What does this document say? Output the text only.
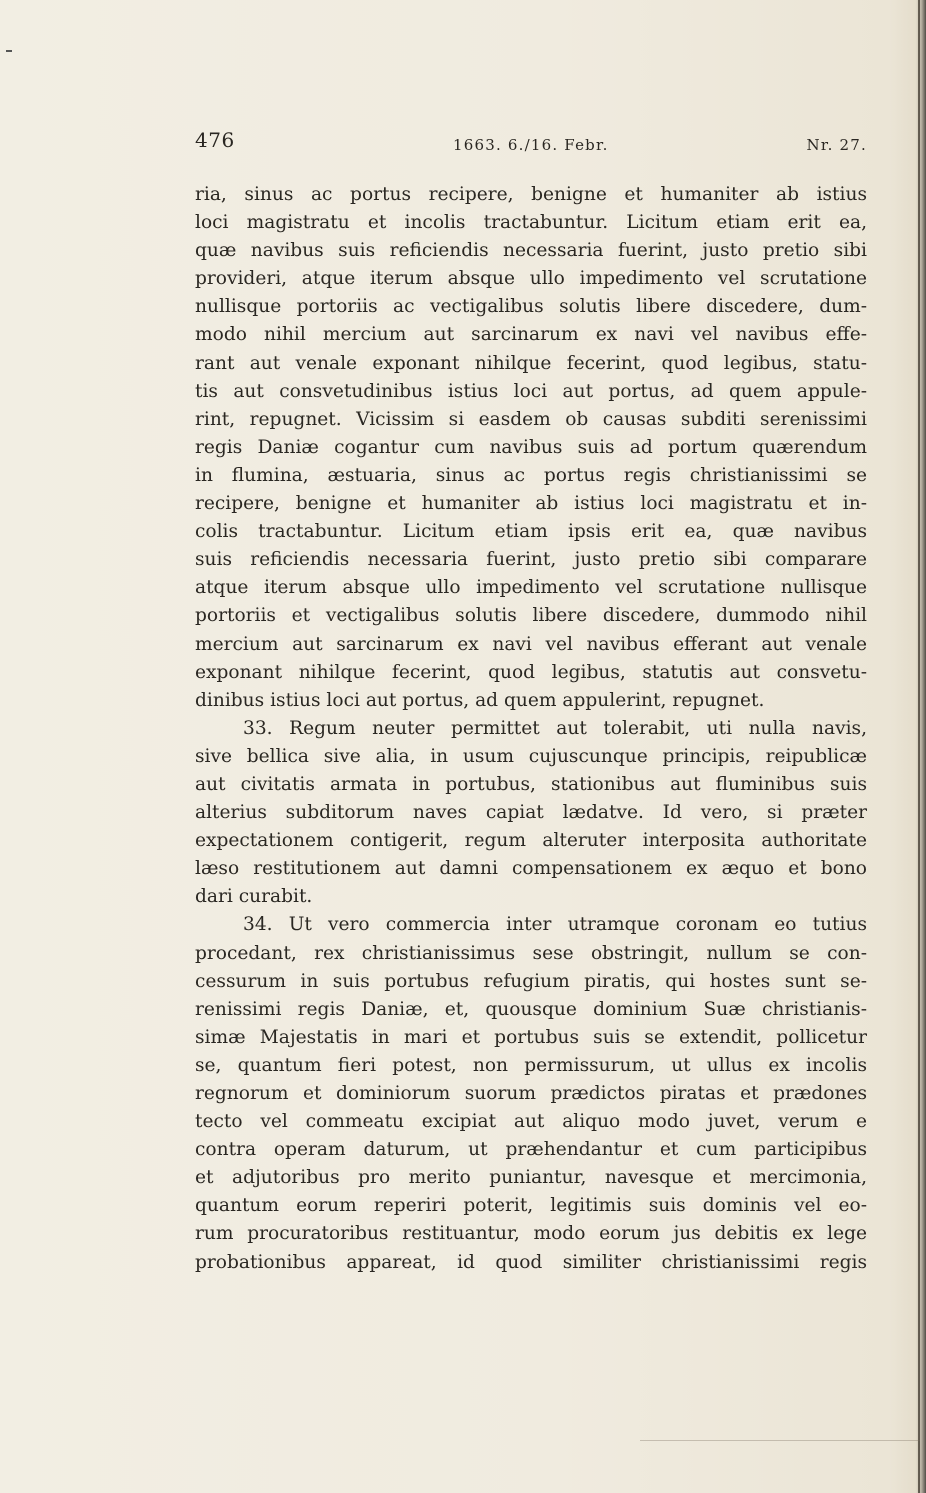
476	1663. 6./16. Febr.	Nr. 27.
ria, sinus ac portus recipere, benigne et humaniter ab istius
loci magistratu et incolis tractabuntur. Licitum etiam erit ea,
quæ navibus suis reficiendis necessaria fuerint, justo pretio sibi
provideri, atque iterum absque ullo impedimento vel scrutatione
nullisque portoriis ac vectigalibus solutis libere discedere, dum-
modo nihil mercium aut sarcinarum ex navi vel navibus effe-
rant aut venale exponant nihilque fecerint, quod legibus, statu-
tis aut consvetudinibus istius loci aut portus, ad quem appule-
rint, repugnet. Vicissim si easdem ob causas subditi serenissimi
regis Daniæ cogantur cum navibus suis ad portum quærendum
in flumina, æstuaria, sinus ac portus regis christianissimi se
recipere, benigne et humaniter ab istius loci magistratu et in-
colis tractabuntur. Licitum etiam ipsis erit ea, quæ navibus
suis reficiendis necessaria fuerint, justo pretio sibi comparare
atque iterum absque ullo impedimento vel scrutatione nullisque
portoriis et vectigalibus solutis libere discedere, dummodo nihil
mercium aut sarcinarum ex navi vel navibus efferant aut venale
exponant nihilque fecerint, quod legibus, statutis aut consvetu-
dinibus istius loci aut portus, ad quem appulerint, repugnet.
33. Regum neuter permittet aut tolerabit, uti nulla navis,
sive bellica sive alia, in usum cujuscunque principis, reipublicæ
aut civitatis armata in portubus, stationibus aut fluminibus suis
alterius subditorum naves capiat lædatve. Id vero, si præter
expectationem contigerit, regum alteruter interposita authoritate
læso restitutionem aut damni compensationem ex æquo et bono
dari curabit.
34. Ut vero commercia inter utramque coronam eo tutius
procedant, rex christianissimus sese obstringit, nullum se con-
cessurum in suis portubus refugium piratis, qui hostes sunt se-
renissimi regis Daniæ, et, quousque dominium Suæ christianis-
simæ Majestatis in mari et portubus suis se extendit, pollicetur
se, quantum fieri potest, non permissurum, ut ullus ex incolis
regnorum et dominiorum suorum prædictos piratas et prædones
tecto vel commeatu excipiat aut aliquo modo juvet, verum e
contra operam daturum, ut præhendantur et cum participibus
et adjutoribus pro merito puniantur, navesque et mercimonia,
quantum eorum reperiri poterit, legitimis suis dominis vel eo-
rum procuratoribus restituantur, modo eorum jus debitis ex lege
probationibus appareat, id quod similiter christianissimi regis
